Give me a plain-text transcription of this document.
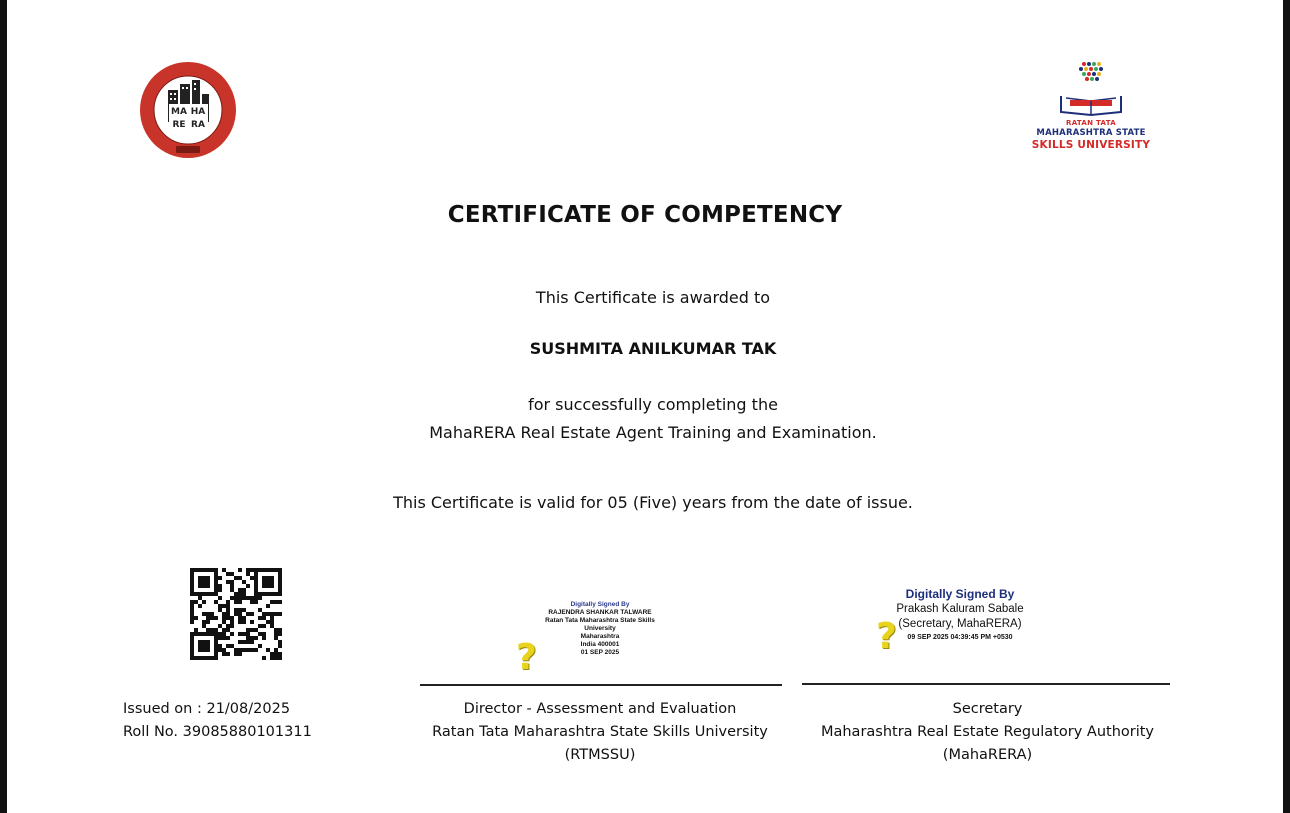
MA HA
RE RA	RATAN TATA
MAHARASHTRA STATE
SKILLS UNIVERSITY
CERTIFICATE OF COMPETENCY
This Certificate is awarded to
SUSHMITA ANILKUMAR TAK
for successfully completing the
MahaRERA Real Estate Agent Training and Examination.
This Certificate is valid for 05 (Five) years from the date of issue.
Issued on : 21/08/2025
Roll No. 39085880101311
Digitally Signed By
RAJENDRA SHANKAR TALWARE
Ratan Tata Maharashtra State Skills
University
Maharashtra
India 400001
01 SEP 2025
?
Digitally Signed By
Prakash Kaluram Sabale
(Secretary, MahaRERA)
09 SEP 2025 04:39:45 PM +0530
?
Director - Assessment and Evaluation
Ratan Tata Maharashtra State Skills University
(RTMSSU)
Secretary
Maharashtra Real Estate Regulatory Authority
(MahaRERA)
